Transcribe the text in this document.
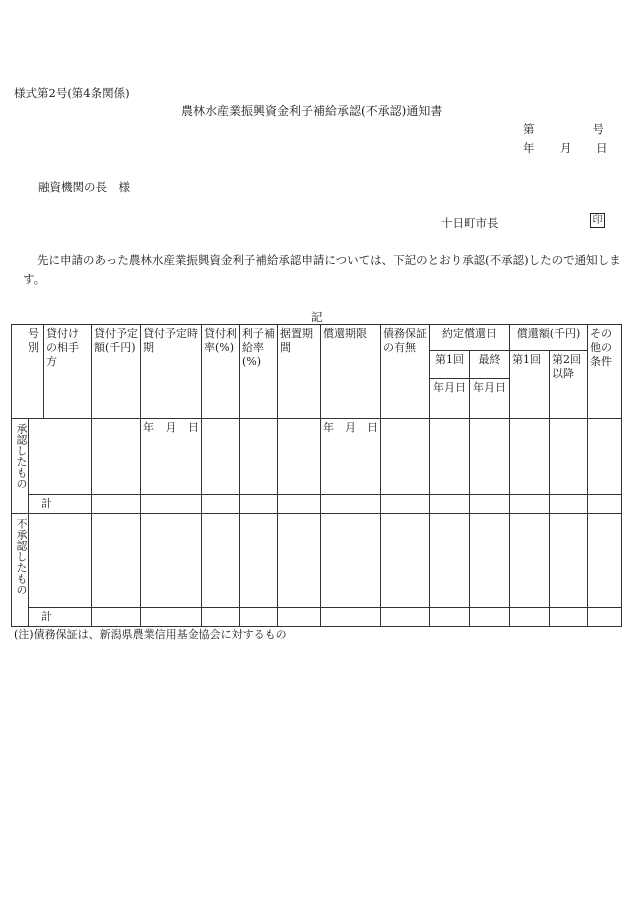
様式第2号(第4条関係)
農林水産業振興資金利子補給承認(不承認)通知書
第	号
年 月 日
融資機関の長　様
十日町市長	印
先に申請のあった農林水産業振興資金利子補給承認申請については、下記のとおり承認(不承認)したので通知します。
記
号別		貸付けの相手方	貸付予定額(千円)	貸付予定時期	貸付利率(%)	利子補給率(%)	据置期間	償還期限	債務保証の有無	約定償還日		償還額(千円)		その他の条件
										第1回	最終	第1回	第2回以降	
										年月日	年月日			
承認したもの				年 月 日				年 月 日						

	計													
不承認したもの														
	計													
(注)債務保証は、新潟県農業信用基金協会に対するもの
